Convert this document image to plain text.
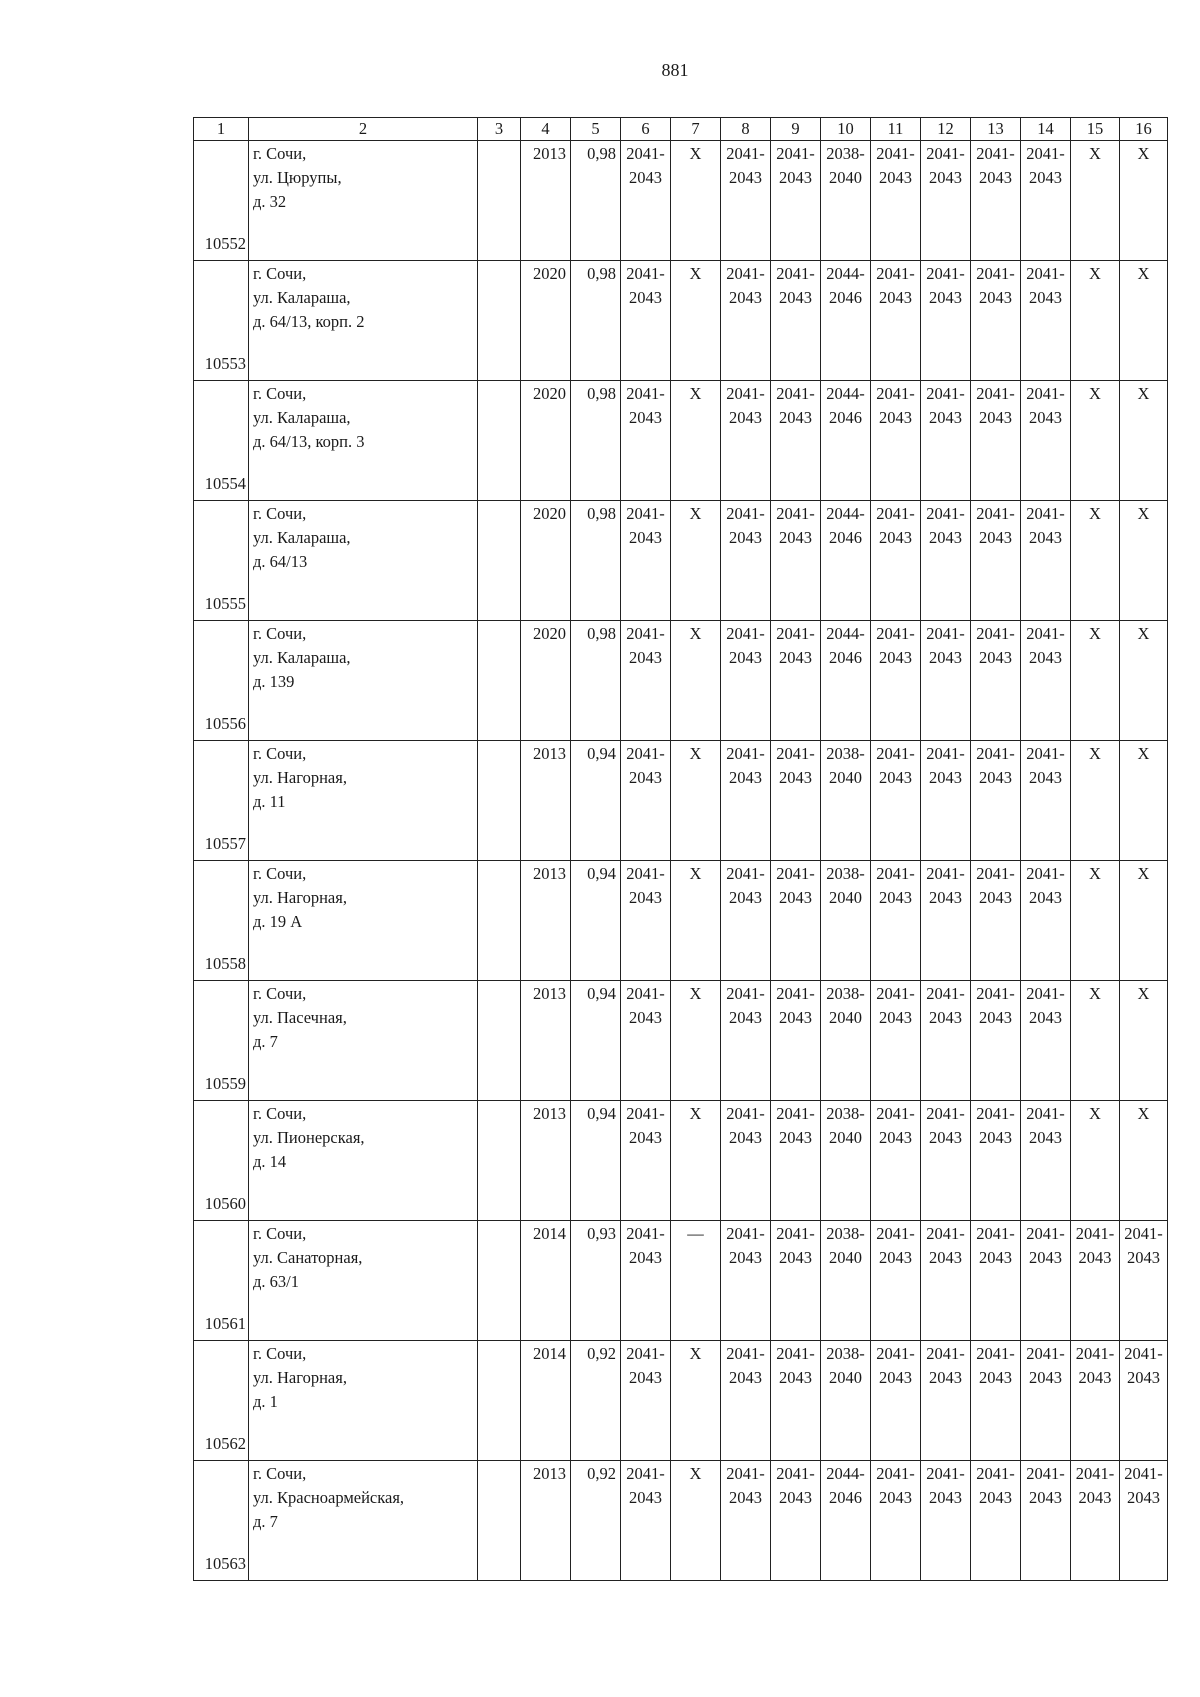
881
1	2	3	4	5	6	7	8	9	10	11	12	13	14	15	16
10552	г. Сочи,
ул. Цюрупы,
д. 32		2013	0,98	2041-
2043	X	2041-
2043	2041-
2043	2038-
2040	2041-
2043	2041-
2043	2041-
2043	2041-
2043	X	X
10553	г. Сочи,
ул. Калараша,
д. 64/13, корп. 2		2020	0,98	2041-
2043	X	2041-
2043	2041-
2043	2044-
2046	2041-
2043	2041-
2043	2041-
2043	2041-
2043	X	X
10554	г. Сочи,
ул. Калараша,
д. 64/13, корп. 3		2020	0,98	2041-
2043	X	2041-
2043	2041-
2043	2044-
2046	2041-
2043	2041-
2043	2041-
2043	2041-
2043	X	X
10555	г. Сочи,
ул. Калараша,
д. 64/13		2020	0,98	2041-
2043	X	2041-
2043	2041-
2043	2044-
2046	2041-
2043	2041-
2043	2041-
2043	2041-
2043	X	X
10556	г. Сочи,
ул. Калараша,
д. 139		2020	0,98	2041-
2043	X	2041-
2043	2041-
2043	2044-
2046	2041-
2043	2041-
2043	2041-
2043	2041-
2043	X	X
10557	г. Сочи,
ул. Нагорная,
д. 11		2013	0,94	2041-
2043	X	2041-
2043	2041-
2043	2038-
2040	2041-
2043	2041-
2043	2041-
2043	2041-
2043	X	X
10558	г. Сочи,
ул. Нагорная,
д. 19 А		2013	0,94	2041-
2043	X	2041-
2043	2041-
2043	2038-
2040	2041-
2043	2041-
2043	2041-
2043	2041-
2043	X	X
10559	г. Сочи,
ул. Пасечная,
д. 7		2013	0,94	2041-
2043	X	2041-
2043	2041-
2043	2038-
2040	2041-
2043	2041-
2043	2041-
2043	2041-
2043	X	X
10560	г. Сочи,
ул. Пионерская,
д. 14		2013	0,94	2041-
2043	X	2041-
2043	2041-
2043	2038-
2040	2041-
2043	2041-
2043	2041-
2043	2041-
2043	X	X
10561	г. Сочи,
ул. Санаторная,
д. 63/1		2014	0,93	2041-
2043	—	2041-
2043	2041-
2043	2038-
2040	2041-
2043	2041-
2043	2041-
2043	2041-
2043	2041-
2043	2041-
2043
10562	г. Сочи,
ул. Нагорная,
д. 1		2014	0,92	2041-
2043	X	2041-
2043	2041-
2043	2038-
2040	2041-
2043	2041-
2043	2041-
2043	2041-
2043	2041-
2043	2041-
2043
10563	г. Сочи,
ул. Красноармейская,
д. 7		2013	0,92	2041-
2043	X	2041-
2043	2041-
2043	2044-
2046	2041-
2043	2041-
2043	2041-
2043	2041-
2043	2041-
2043	2041-
2043
